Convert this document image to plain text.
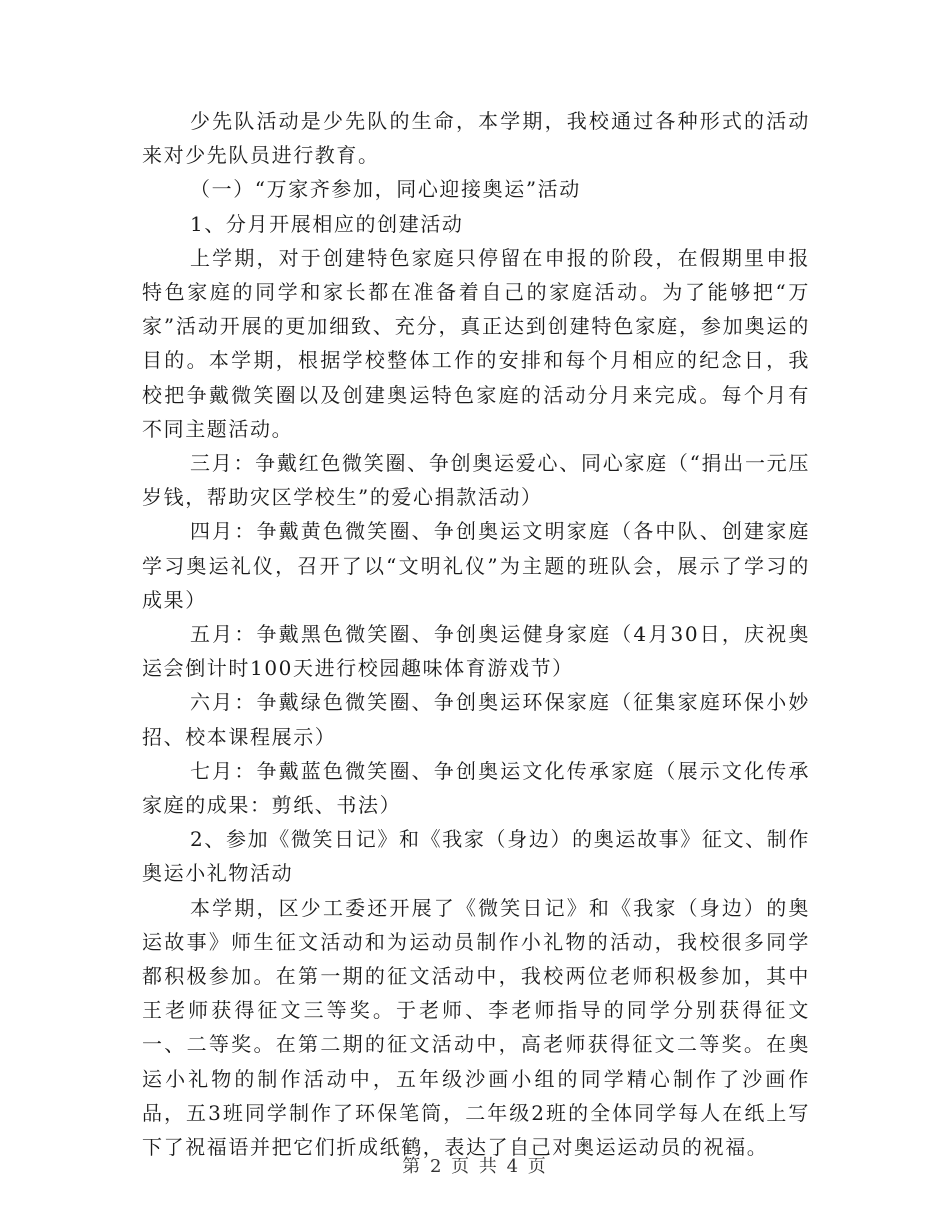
少先队活动是少先队的生命，本学期，我校通过各种形式的活动来对少先队员进行教育。

（一）“万家齐参加，同心迎接奥运”活动

1、分月开展相应的创建活动

上学期，对于创建特色家庭只停留在申报的阶段，在假期里申报特色家庭的同学和家长都在准备着自己的家庭活动。为了能够把“万家”活动开展的更加细致、充分，真正达到创建特色家庭，参加奥运的目的。本学期，根据学校整体工作的安排和每个月相应的纪念日，我校把争戴微笑圈以及创建奥运特色家庭的活动分月来完成。每个月有不同主题活动。

三月：争戴红色微笑圈、争创奥运爱心、同心家庭（“捐出一元压岁钱，帮助灾区学校生”的爱心捐款活动）

四月：争戴黄色微笑圈、争创奥运文明家庭（各中队、创建家庭学习奥运礼仪，召开了以“文明礼仪”为主题的班队会，展示了学习的成果）

五月：争戴黑色微笑圈、争创奥运健身家庭（4月30日，庆祝奥运会倒计时100天进行校园趣味体育游戏节）

六月：争戴绿色微笑圈、争创奥运环保家庭（征集家庭环保小妙招、校本课程展示）

七月：争戴蓝色微笑圈、争创奥运文化传承家庭（展示文化传承家庭的成果：剪纸、书法）

2、参加《微笑日记》和《我家（身边）的奥运故事》征文、制作奥运小礼物活动

本学期，区少工委还开展了《微笑日记》和《我家（身边）的奥运故事》师生征文活动和为运动员制作小礼物的活动，我校很多同学都积极参加。在第一期的征文活动中，我校两位老师积极参加，其中王老师获得征文三等奖。于老师、李老师指导的同学分别获得征文一、二等奖。在第二期的征文活动中，高老师获得征文二等奖。在奥运小礼物的制作活动中，五年级沙画小组的同学精心制作了沙画作品，五3班同学制作了环保笔筒，二年级2班的全体同学每人在纸上写下了祝福语并把它们折成纸鹤，表达了自己对奥运运动员的祝福。

第 2 页 共 4 页
